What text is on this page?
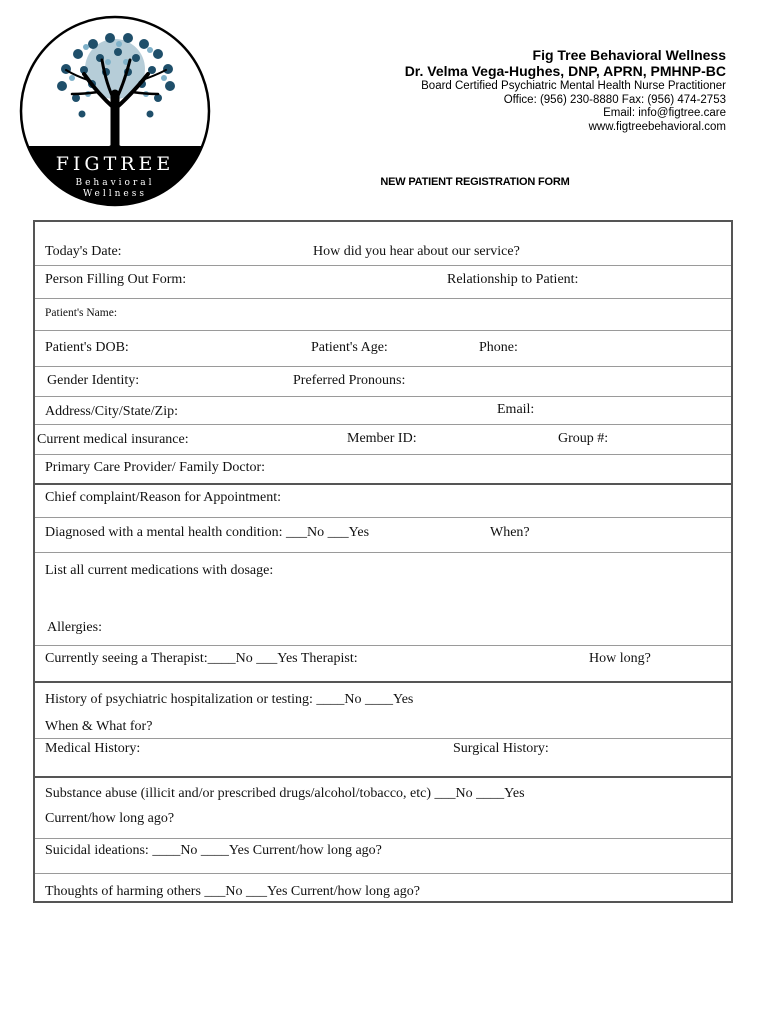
FIGTREE
Behavioral
Wellness
Fig Tree Behavioral Wellness
Dr. Velma Vega-Hughes, DNP, APRN, PMHNP-BC
Board Certified Psychiatric Mental Health Nurse Practitioner
Office: (956) 230-8880 Fax: (956) 474-2753
Email: info@figtree.care
www.figtreebehavioral.com
NEW PATIENT REGISTRATION FORM
Today's Date:	How did you hear about our service?
Person Filling Out Form:	Relationship to Patient:
Patient's Name:
Patient's DOB:	Patient's Age:	Phone:
Gender Identity:	Preferred Pronouns:
Address/City/State/Zip:	Email:
Current medical insurance:	Member ID:	Group #:
Primary Care Provider/ Family Doctor:
Chief complaint/Reason for Appointment:
Diagnosed with a mental health condition: ___No ___Yes	When?
List all current medications with dosage:
Allergies:
Currently seeing a Therapist:____No ___Yes Therapist:	How long?
History of psychiatric hospitalization or testing: ____No ____Yes
When & What for?
Medical History:	Surgical History:
Substance abuse (illicit and/or prescribed drugs/alcohol/tobacco, etc) ___No ____Yes
Current/how long ago?
Suicidal ideations: ____No ____Yes Current/how long ago?
Thoughts of harming others ___No ___Yes Current/how long ago?
